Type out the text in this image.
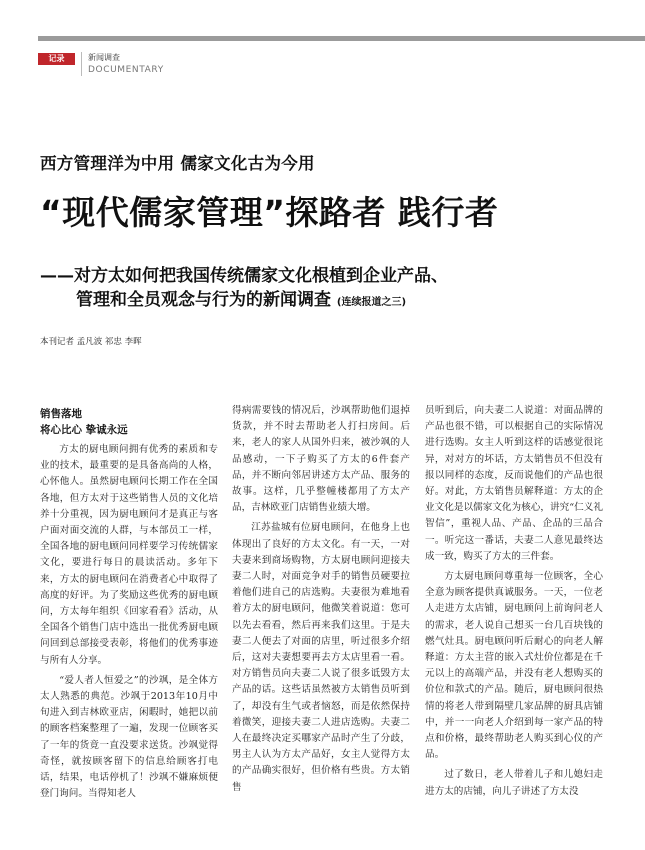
记录	新闻调查
DOCUMENTARY
西方管理洋为中用 儒家文化古为今用
“现代儒家管理”探路者 践行者
——对方太如何把我国传统儒家文化根植到企业产品、
管理和全员观念与行为的新闻调查 (连续报道之三)
本刊记者 孟凡波 祁忠 李晖
销售落地
将心比心 挚诚永远

方太的厨电顾问拥有优秀的素质和专业的技术，最重要的是具备高尚的人格，心怀他人。虽然厨电顾问长期工作在全国各地，但方太对于这些销售人员的文化培养十分重视，因为厨电顾问才是真正与客户面对面交流的人群，与本部员工一样，全国各地的厨电顾问同样要学习传统儒家文化，要进行每日的晨读活动。多年下来，方太的厨电顾问在消费者心中取得了高度的好评。为了奖励这些优秀的厨电顾问，方太每年组织《回家看看》活动，从全国各个销售门店中选出一批优秀厨电顾问回到总部接受表彰，将他们的优秀事迹与所有人分享。

“爱人者人恒爱之”的沙飒，是全体方太人熟悉的典范。沙飒于2013年10月中旬进入到吉林欧亚店，闲暇时，她把以前的顾客档案整理了一遍，发现一位顾客买了一年的货竟一直没要求送货。沙飒觉得奇怪，就按顾客留下的信息给顾客打电话，结果，电话停机了！沙飒不嫌麻烦便登门询问。当得知老人

得病需要钱的情况后，沙飒帮助他们退掉货款，并不时去帮助老人打扫房间。后来，老人的家人从国外归来，被沙飒的人品感动，一下子购买了方太的6件套产品，并不断向邻居讲述方太产品、服务的故事。这样，几乎整幢楼都用了方太产品，吉林欧亚门店销售业绩大增。

江苏盐城有位厨电顾问，在他身上也体现出了良好的方太文化。有一天，一对夫妻来到商场购物，方太厨电顾问迎接夫妻二人时，对面竞争对手的销售员硬要拉着他们进自己的店选购。夫妻很为难地看着方太的厨电顾问，他微笑着说道：您可以先去看看，然后再来我们这里。于是夫妻二人便去了对面的店里，听过很多介绍后，这对夫妻想要再去方太店里看一看。对方销售员向夫妻二人说了很多诋毁方太产品的话。这些话虽然被方太销售员听到了，却没有生气或者恼怒，而是依然保持着微笑，迎接夫妻二人进店选购。夫妻二人在最终决定买哪家产品时产生了分歧，男主人认为方太产品好，女主人觉得方太的产品确实很好，但价格有些贵。方太销售

员听到后，向夫妻二人说道：对面品牌的产品也很不错，可以根据自己的实际情况进行选购。女主人听到这样的话感觉很诧异，对对方的坏话，方太销售员不但没有报以同样的态度，反而说他们的产品也很好。对此，方太销售员解释道：方太的企业文化是以儒家文化为核心，讲究“仁义礼智信”，重视人品、产品、企品的三品合一。听完这一番话，夫妻二人意见最终达成一致，购买了方太的三件套。

方太厨电顾问尊重每一位顾客，全心全意为顾客提供真诚服务。一天，一位老人走进方太店铺，厨电顾问上前询问老人的需求，老人说自己想买一台几百块钱的燃气灶具。厨电顾问听后耐心的向老人解释道：方太主营的嵌入式灶价位都是在千元以上的高端产品，并没有老人想购买的价位和款式的产品。随后，厨电顾问很热情的将老人带到隔壁几家品牌的厨具店铺中，并一一向老人介绍到每一家产品的特点和价格，最终帮助老人购买到心仪的产品。

过了数日，老人带着儿子和儿媳妇走进方太的店铺，向儿子讲述了方太没
